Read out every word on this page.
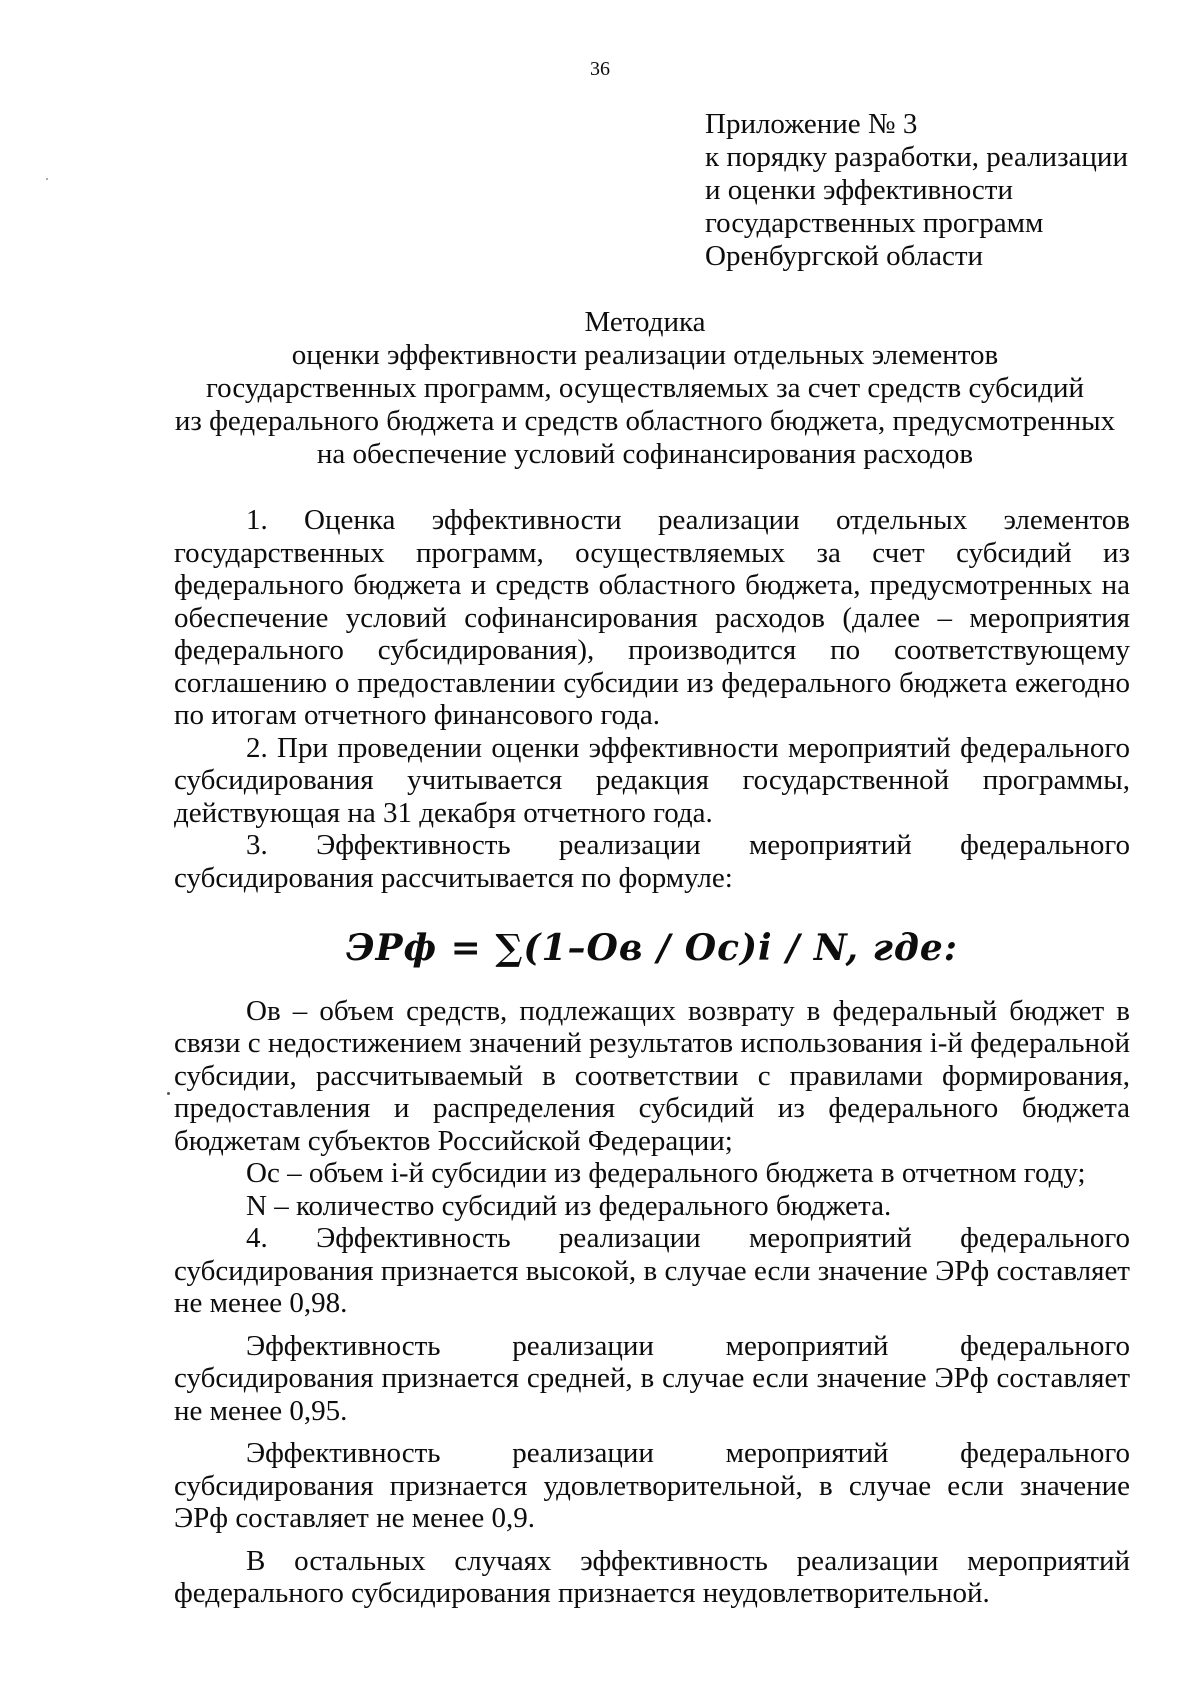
36
Приложение № 3
к порядку разработки, реализации
и оценки эффективности
государственных программ
Оренбургской области
Методика
оценки эффективности реализации отдельных элементов
государственных программ, осуществляемых за счет средств субсидий
из федерального бюджета и средств областного бюджета, предусмотренных
на обеспечение условий софинансирования расходов

1. Оценка эффективности реализации отдельных элементов государственных программ, осуществляемых за счет субсидий из федерального бюджета и средств областного бюджета, предусмотренных на обеспечение условий софинансирования расходов (далее – мероприятия федерального субсидирования), производится по соответствующему соглашению о предоставлении субсидии из федерального бюджета ежегодно по итогам отчетного финансового года.

2. При проведении оценки эффективности мероприятий федерального субсидирования учитывается редакция государственной программы, действующая на 31 декабря отчетного года.

3. Эффективность реализации мероприятий федерального субсидирования рассчитывается по формуле:

ЭPф = ∑(1–Oв / Oс)i / N, где:

Oв – объем средств, подлежащих возврату в федеральный бюджет в связи с недостижением значений результатов использования i-й федеральной субсидии, рассчитываемый в соответствии с правилами формирования, предоставления и распределения субсидий из федерального бюджета бюджетам субъектов Российской Федерации;

Oс – объем i-й субсидии из федерального бюджета в отчетном году;

N – количество субсидий из федерального бюджета.

4. Эффективность реализации мероприятий федерального субсидирования признается высокой, в случае если значение ЭРф составляет не менее 0,98.

Эффективность реализации мероприятий федерального субсидирования признается средней, в случае если значение ЭРф составляет не менее 0,95.

Эффективность реализации мероприятий федерального субсидирования признается удовлетворительной, в случае если значение ЭРф составляет не менее 0,9.

В остальных случаях эффективность реализации мероприятий федерального субсидирования признается неудовлетворительной.
